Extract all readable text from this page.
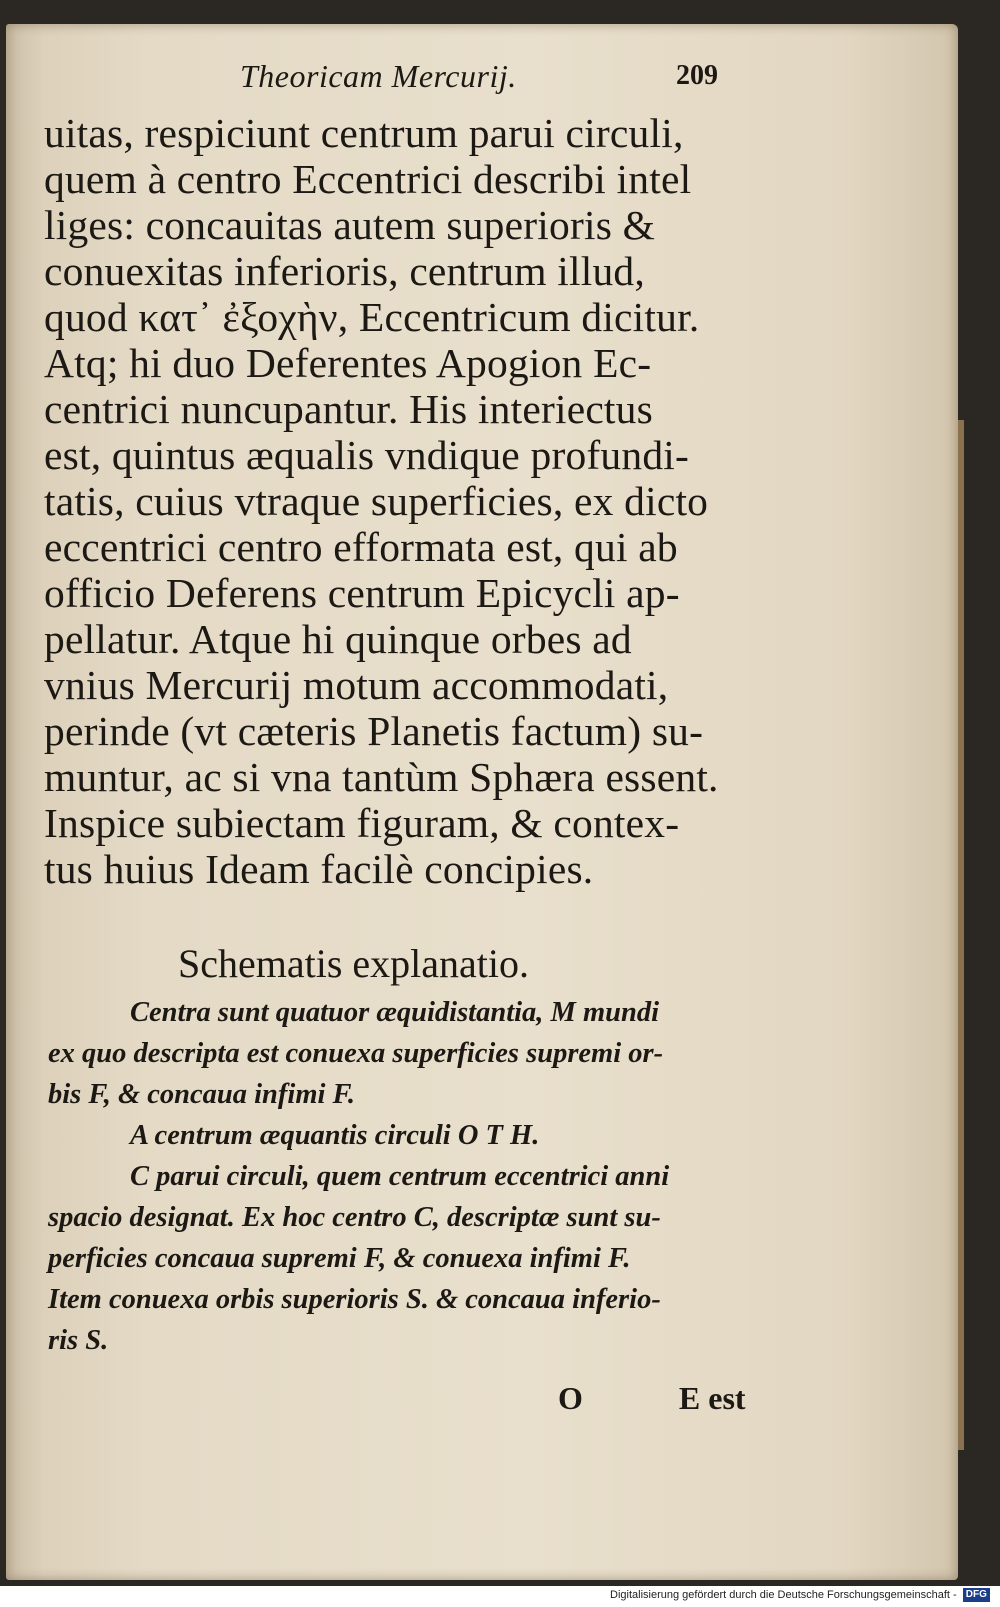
Theoricam Mercurij.	209
uitas, respiciunt centrum parui circuli,
quem à centro Eccentrici describi intel
liges: concauitas autem superioris &
conuexitas inferioris, centrum illud,
quod κατ᾽ ἐξοχὴν, Eccentricum dicitur.
Atq; hi duo Deferentes Apogion Ec-
centrici nuncupantur. His interiectus
est, quintus æqualis vndique profundi-
tatis, cuius vtraque superficies, ex dicto
eccentrici centro efformata est, qui ab
officio Deferens centrum Epicycli ap-
pellatur. Atque hi quinque orbes ad
vnius Mercurij motum accommodati,
perinde (vt cæteris Planetis factum) su-
muntur, ac si vna tantùm Sphæra essent.
Inspice subiectam figuram, & contex-
tus huius Ideam facilè concipies.
Schematis explanatio.
Centra sunt quatuor æquidistantia, M mundi
ex quo descripta est conuexa superficies supremi or-
bis F, & concaua infimi F.
A centrum æquantis circuli O T H.
C parui circuli, quem centrum eccentrici anni
spacio designat. Ex hoc centro C, descriptæ sunt su-
perficies concaua supremi F, & conuexa infimi F.
Item conuexa orbis superioris S. & concaua inferio-
ris S.
O	E est
Digitalisierung gefördert durch die Deutsche Forschungsgemeinschaft - DFG
